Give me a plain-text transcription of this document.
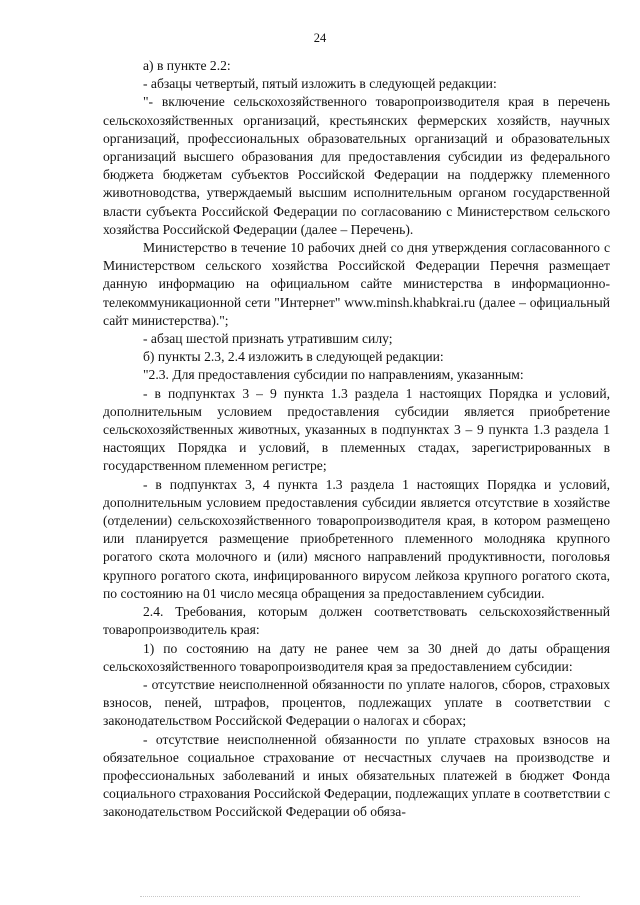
24

а) в пункте 2.2:

- абзацы четвертый, пятый изложить в следующей редакции:

"- включение сельскохозяйственного товаропроизводителя края в перечень сельскохозяйственных организаций, крестьянских фермерских хозяйств, научных организаций, профессиональных образовательных организаций и образовательных организаций высшего образования для предоставления субсидии из федерального бюджета бюджетам субъектов Российской Федерации на поддержку племенного животноводства, утверждаемый высшим исполнительным органом государственной власти субъекта Российской Федерации по согласованию с Министерством сельского хозяйства Российской Федерации (далее – Перечень).

Министерство в течение 10 рабочих дней со дня утверждения согласованного с Министерством сельского хозяйства Российской Федерации Перечня размещает данную информацию на официальном сайте министерства в информационно-телекоммуникационной сети "Интернет" www.minsh.khabkrai.ru (далее – официальный сайт министерства).";

- абзац шестой признать утратившим силу;

б) пункты 2.3, 2.4 изложить в следующей редакции:

"2.3. Для предоставления субсидии по направлениям, указанным:

- в подпунктах 3 – 9 пункта 1.3 раздела 1 настоящих Порядка и условий, дополнительным условием предоставления субсидии является приобретение сельскохозяйственных животных, указанных в подпунктах 3 – 9 пункта 1.3 раздела 1 настоящих Порядка и условий, в племенных стадах, зарегистрированных в государственном племенном регистре;

- в подпунктах 3, 4 пункта 1.3 раздела 1 настоящих Порядка и условий, дополнительным условием предоставления субсидии является отсутствие в хозяйстве (отделении) сельскохозяйственного товаропроизводителя края, в котором размещено или планируется размещение приобретенного племенного молодняка крупного рогатого скота молочного и (или) мясного направлений продуктивности, поголовья крупного рогатого скота, инфицированного вирусом лейкоза крупного рогатого скота, по состоянию на 01 число месяца обращения за предоставлением субсидии.

2.4. Требования, которым должен соответствовать сельскохозяйственный товаропроизводитель края:

1) по состоянию на дату не ранее чем за 30 дней до даты обращения сельскохозяйственного товаропроизводителя края за предоставлением субсидии:

- отсутствие неисполненной обязанности по уплате налогов, сборов, страховых взносов, пеней, штрафов, процентов, подлежащих уплате в соответствии с законодательством Российской Федерации о налогах и сборах;

- отсутствие неисполненной обязанности по уплате страховых взносов на обязательное социальное страхование от несчастных случаев на производстве и профессиональных заболеваний и иных обязательных платежей в бюджет Фонда социального страхования Российской Федерации, подлежащих уплате в соответствии с законодательством Российской Федерации об обяза-
